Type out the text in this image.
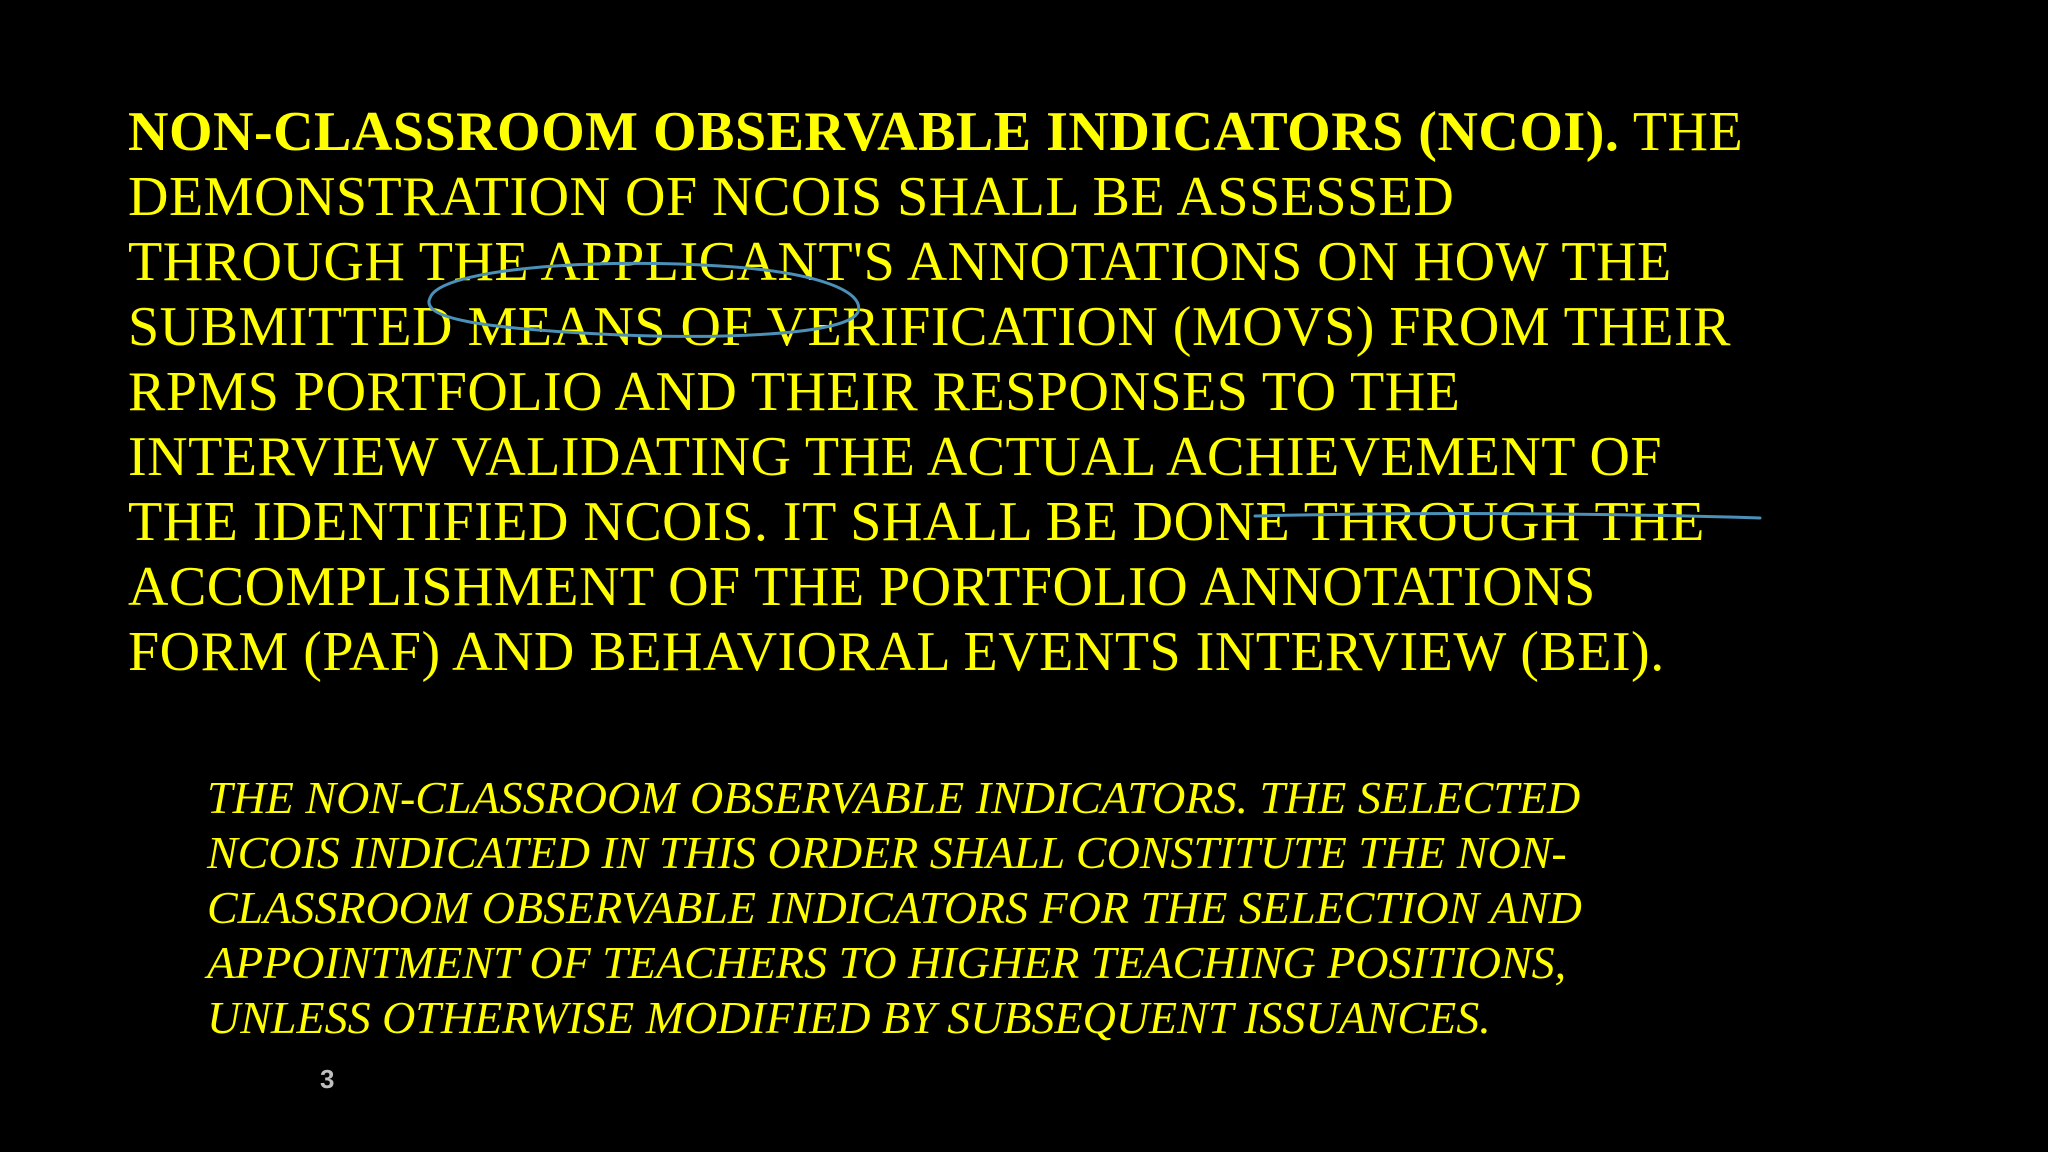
NON-CLASSROOM OBSERVABLE INDICATORS (NCOI). THE
DEMONSTRATION OF NCOIS SHALL BE ASSESSED
THROUGH THE APPLICANT'S ANNOTATIONS ON HOW THE
SUBMITTED MEANS OF VERIFICATION (MOVS) FROM THEIR
RPMS PORTFOLIO AND THEIR RESPONSES TO THE
INTERVIEW VALIDATING THE ACTUAL ACHIEVEMENT OF
THE IDENTIFIED NCOIS. IT SHALL BE DONE THROUGH THE
ACCOMPLISHMENT OF THE PORTFOLIO ANNOTATIONS
FORM (PAF) AND BEHAVIORAL EVENTS INTERVIEW (BEI).

THE NON-CLASSROOM OBSERVABLE INDICATORS. THE SELECTED
NCOIS INDICATED IN THIS ORDER SHALL CONSTITUTE THE NON-
CLASSROOM OBSERVABLE INDICATORS FOR THE SELECTION AND
APPOINTMENT OF TEACHERS TO HIGHER TEACHING POSITIONS,
UNLESS OTHERWISE MODIFIED BY SUBSEQUENT ISSUANCES.

3
